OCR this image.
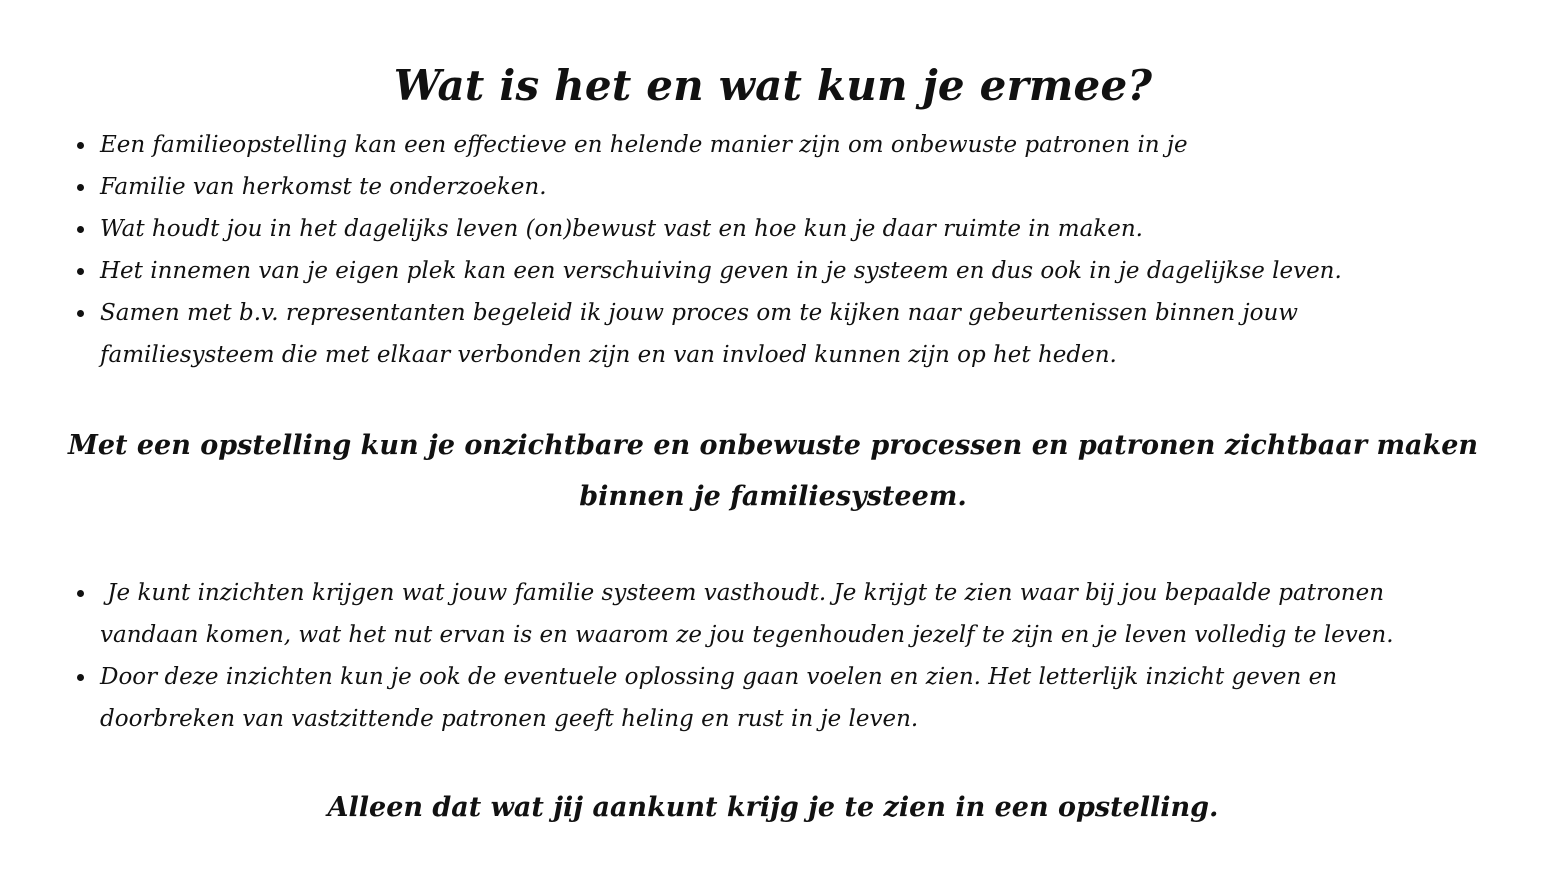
Wat is het en wat kun je ermee?
Een familieopstelling kan een effectieve en helende manier zijn om onbewuste patronen in je
Familie van herkomst te onderzoeken.
Wat houdt jou in het dagelijks leven (on)bewust vast en hoe kun je daar ruimte in maken.
Het innemen van je eigen plek kan een verschuiving geven in je systeem en dus ook in je dagelijkse leven.
Samen met b.v. representanten begeleid ik jouw proces om te kijken naar gebeurtenissen binnen jouw
familiesysteem die met elkaar verbonden zijn en van invloed kunnen zijn op het heden.

Met een opstelling kun je onzichtbare en onbewuste processen en patronen zichtbaar maken
binnen je familiesysteem.

Je kunt inzichten krijgen wat jouw familie systeem vasthoudt. Je krijgt te zien waar bij jou bepaalde patronen
vandaan komen, wat het nut ervan is en waarom ze jou tegenhouden jezelf te zijn en je leven volledig te leven.
Door deze inzichten kun je ook de eventuele oplossing gaan voelen en zien. Het letterlijk inzicht geven en
doorbreken van vastzittende patronen geeft heling en rust in je leven.

Alleen dat wat jij aankunt krijg je te zien in een opstelling.
